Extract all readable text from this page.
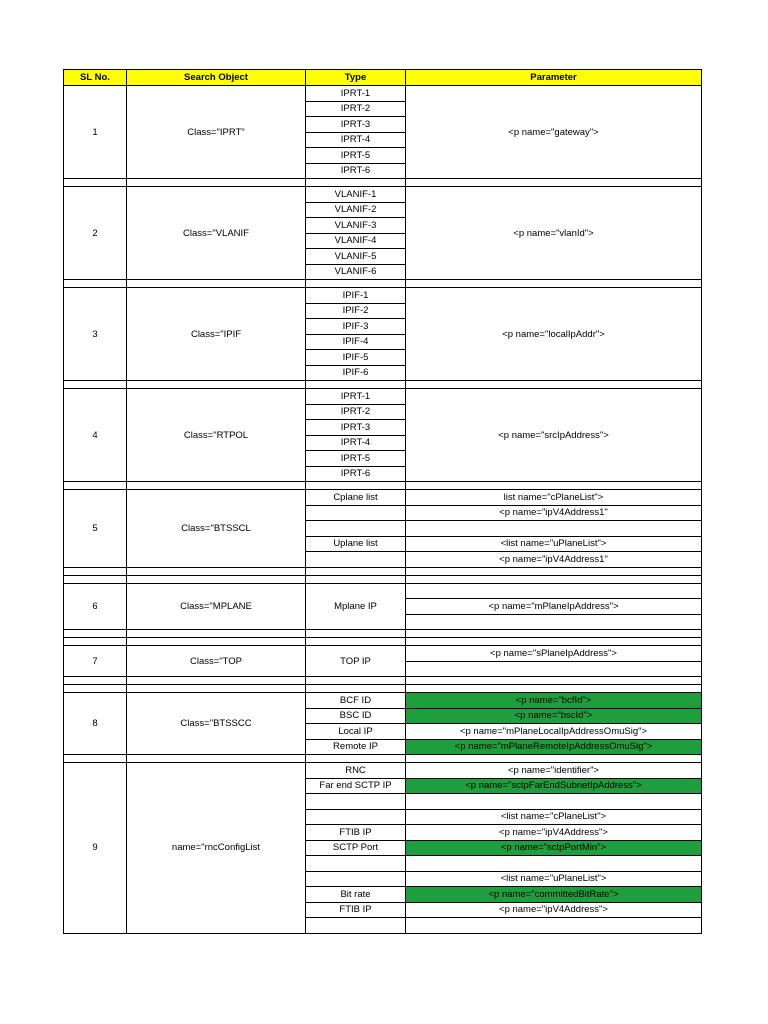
SL No.	Search Object	Type	Parameter
1	Class="IPRT"	IPRT-1	<p name="gateway">
		IPRT-2	
		IPRT-3	
		IPRT-4	
		IPRT-5	
		IPRT-6	

2	Class="VLANIF	VLANIF-1	<p name="vlanId">
		VLANIF-2	
		VLANIF-3	
		VLANIF-4	
		VLANIF-5	
		VLANIF-6	

3	Class="IPIF	IPIF-1	<p name="localIpAddr">
		IPIF-2	
		IPIF-3	
		IPIF-4	
		IPIF-5	
		IPIF-6	

4	Class="RTPOL	IPRT-1	<p name="srcIpAddress">
		IPRT-2	
		IPRT-3	
		IPRT-4	
		IPRT-5	
		IPRT-6	

5	Class="BTSSCL	Cplane list	list name="cPlaneList">
			<p name="ipV4Address1"

		Uplane list	<list name="uPlaneList">
			<p name="ipV4Address1"

6	Class="MPLANE	Mplane IP	
			<p name="mPlaneIpAddress">

7	Class="TOP	TOP IP	<p name="sPlaneIpAddress">

8	Class="BTSSCC	BCF ID	<p name="bcfId">
		BSC ID	<p name="bscId">
		Local IP	<p name="mPlaneLocalIpAddressOmuSig">
		Remote IP	<p name="mPlaneRemoteIpAddressOmuSig">

9	name="rncConfigList	RNC	<p name="identifier">
		Far end SCTP IP	<p name="sctpFarEndSubnetIpAddress">

			<list name="cPlaneList">
		FTIB IP	<p name="ipV4Address">
		SCTP Port	<p name="sctpPortMin">

			<list name="uPlaneList">
		Bit rate	<p name="committedBitRate">
		FTIB IP	<p name="ipV4Address">
